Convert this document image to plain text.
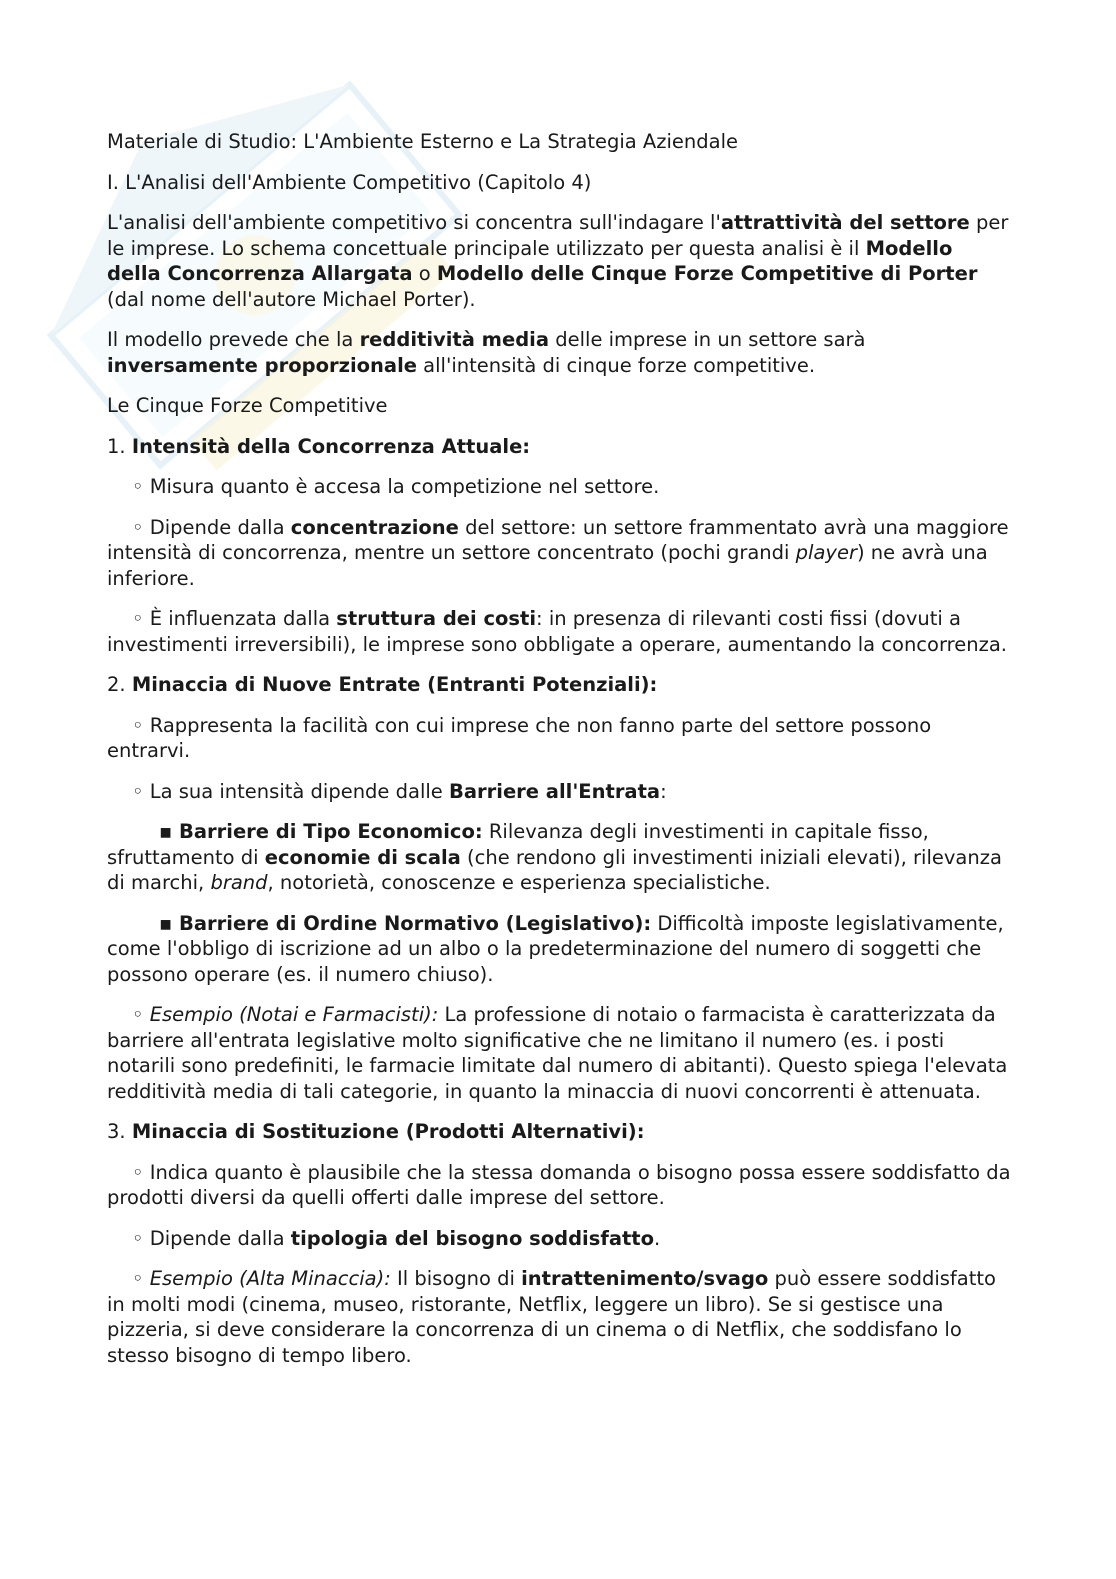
Materiale di Studio: L'Ambiente Esterno e La Strategia Aziendale

I. L'Analisi dell'Ambiente Competitivo (Capitolo 4)

L'analisi dell'ambiente competitivo si concentra sull'indagare l'attrattività del settore per le imprese. Lo schema concettuale principale utilizzato per questa analisi è il Modello della Concorrenza Allargata o Modello delle Cinque Forze Competitive di Porter (dal nome dell'autore Michael Porter).

Il modello prevede che la redditività media delle imprese in un settore sarà inversamente proporzionale all'intensità di cinque forze competitive.

Le Cinque Forze Competitive

1. Intensità della Concorrenza Attuale:

◦ Misura quanto è accesa la competizione nel settore.

◦ Dipende dalla concentrazione del settore: un settore frammentato avrà una maggiore intensità di concorrenza, mentre un settore concentrato (pochi grandi player) ne avrà una inferiore.

◦ È influenzata dalla struttura dei costi: in presenza di rilevanti costi fissi (dovuti a investimenti irreversibili), le imprese sono obbligate a operare, aumentando la concorrenza.

2. Minaccia di Nuove Entrate (Entranti Potenziali):

◦ Rappresenta la facilità con cui imprese che non fanno parte del settore possono entrarvi.

◦ La sua intensità dipende dalle Barriere all'Entrata:

▪ Barriere di Tipo Economico: Rilevanza degli investimenti in capitale fisso, sfruttamento di economie di scala (che rendono gli investimenti iniziali elevati), rilevanza di marchi, brand, notorietà, conoscenze e esperienza specialistiche.

▪ Barriere di Ordine Normativo (Legislativo): Difficoltà imposte legislativamente, come l'obbligo di iscrizione ad un albo o la predeterminazione del numero di soggetti che possono operare (es. il numero chiuso).

◦ Esempio (Notai e Farmacisti): La professione di notaio o farmacista è caratterizzata da barriere all'entrata legislative molto significative che ne limitano il numero (es. i posti notarili sono predefiniti, le farmacie limitate dal numero di abitanti). Questo spiega l'elevata redditività media di tali categorie, in quanto la minaccia di nuovi concorrenti è attenuata.

3. Minaccia di Sostituzione (Prodotti Alternativi):

◦ Indica quanto è plausibile che la stessa domanda o bisogno possa essere soddisfatto da prodotti diversi da quelli offerti dalle imprese del settore.

◦ Dipende dalla tipologia del bisogno soddisfatto.

◦ Esempio (Alta Minaccia): Il bisogno di intrattenimento/svago può essere soddisfatto in molti modi (cinema, museo, ristorante, Netflix, leggere un libro). Se si gestisce una pizzeria, si deve considerare la concorrenza di un cinema o di Netflix, che soddisfano lo stesso bisogno di tempo libero.
